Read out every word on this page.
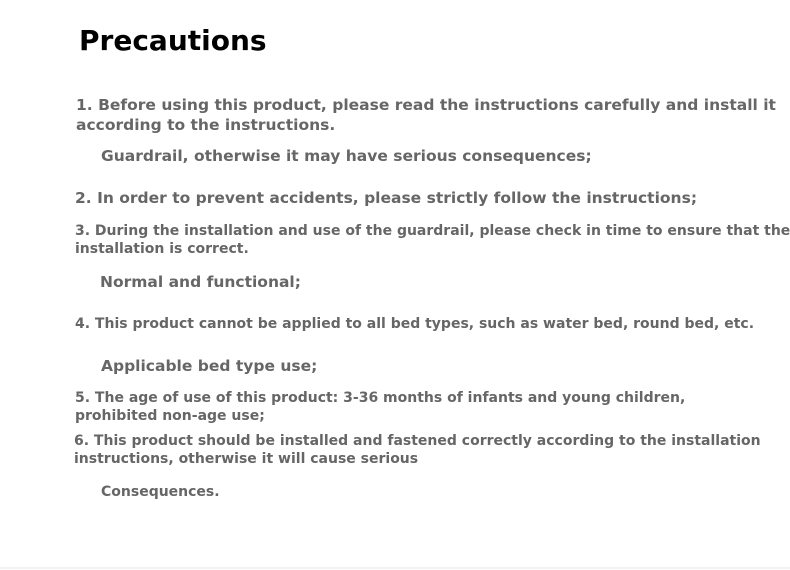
Precautions

1. Before using this product, please read the instructions carefully and install it

according to the instructions.

Guardrail, otherwise it may have serious consequences;

2. In order to prevent accidents, please strictly follow the instructions;

3. During the installation and use of the guardrail, please check in time to ensure that the

installation is correct.

Normal and functional;

4. This product cannot be applied to all bed types, such as water bed, round bed, etc.

Applicable bed type use;

5. The age of use of this product: 3-36 months of infants and young children,

prohibited non-age use;

6. This product should be installed and fastened correctly according to the installation

instructions, otherwise it will cause serious

Consequences.
